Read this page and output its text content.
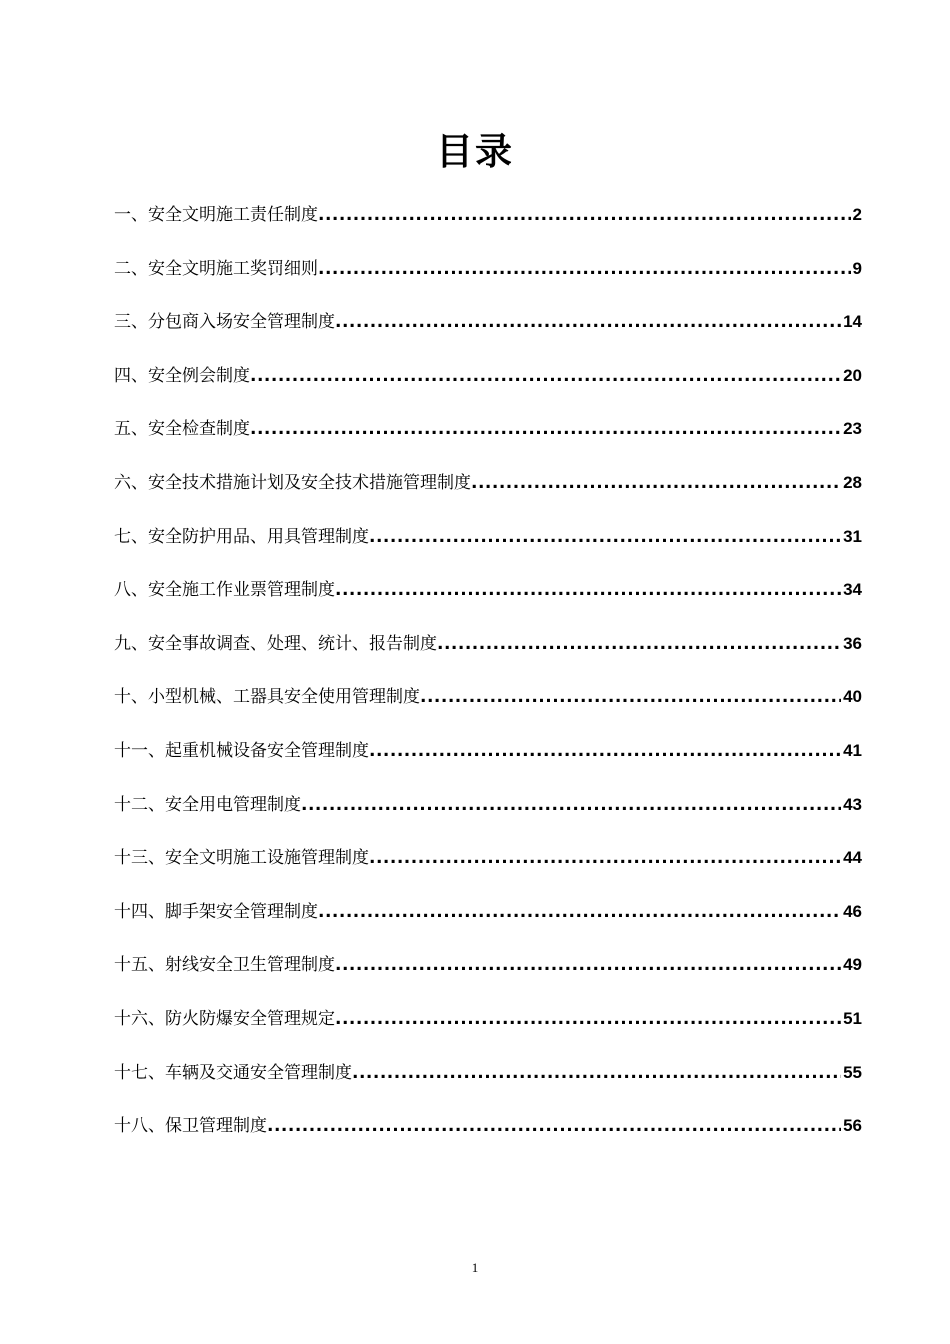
目录
一、安全文明施工责任制度 .....	2
二、安全文明施工奖罚细则 .....	9
三、分包商入场安全管理制度 .....	14
四、安全例会制度 .....	20
五、安全检查制度 .....	23
六、安全技术措施计划及安全技术措施管理制度 .....	28
七、安全防护用品、用具管理制度 .....	31
八、安全施工作业票管理制度 .....	34
九、安全事故调查、处理、统计、报告制度 .....	36
十、小型机械、工器具安全使用管理制度 .....	40
十一、起重机械设备安全管理制度 .....	41
十二、安全用电管理制度 .....	43
十三、安全文明施工设施管理制度 .....	44
十四、脚手架安全管理制度 .....	46
十五、射线安全卫生管理制度 .....	49
十六、防火防爆安全管理规定 .....	51
十七、车辆及交通安全管理制度 .....	55
十八、保卫管理制度 .....	56
1
